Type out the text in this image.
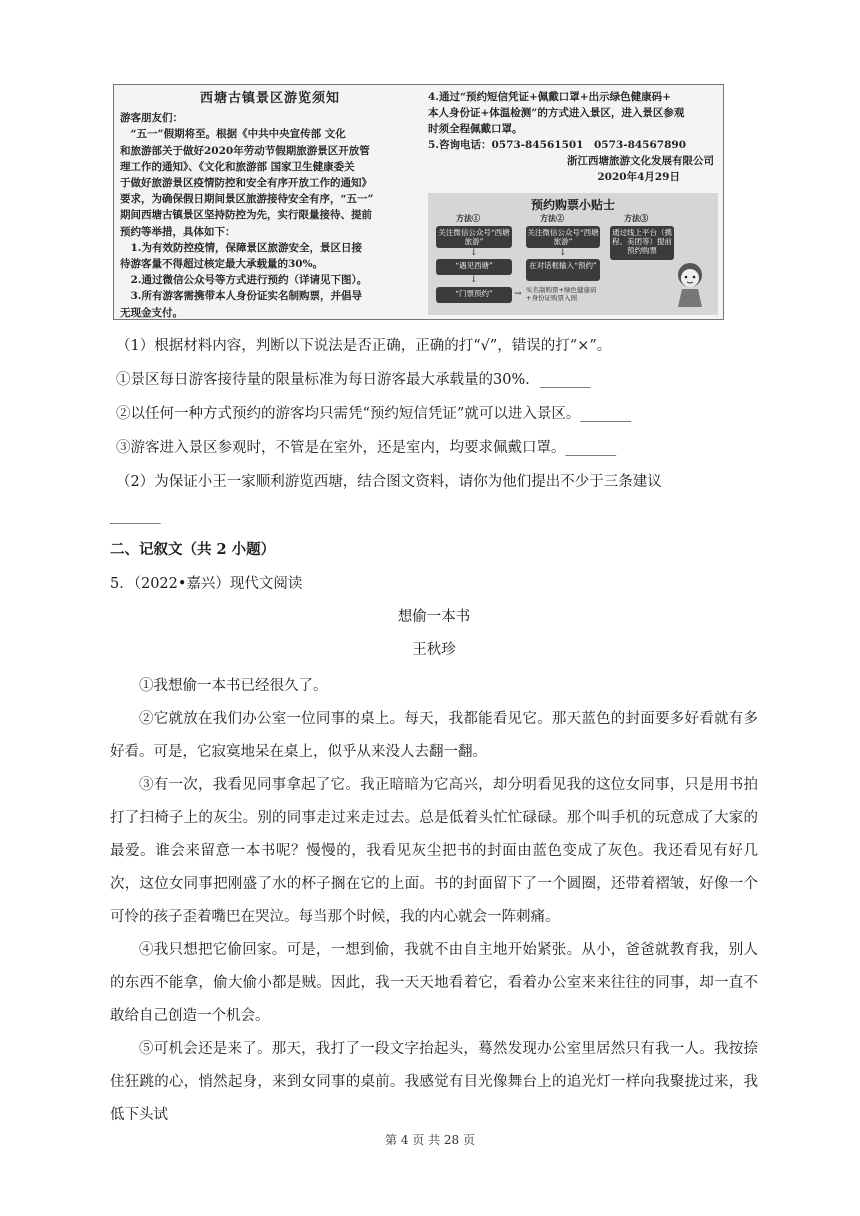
西塘古镇景区游览须知
游客朋友们：
　“五一”假期将至。根据《中共中央宣传部 文化
和旅游部关于做好2020年劳动节假期旅游景区开放管
理工作的通知》、《文化和旅游部 国家卫生健康委关
于做好旅游景区疫情防控和安全有序开放工作的通知》
要求，为确保假日期间景区旅游接待安全有序，“五一”
期间西塘古镇景区坚持防控为先，实行限量接待、提前
预约等举措，具体如下：
　1.为有效防控疫情，保障景区旅游安全，景区日接
待游客量不得超过核定最大承载量的30%。
　2.通过微信公众号等方式进行预约（详请见下图）。
　3.所有游客需携带本人身份证实名制购票，并倡导
无现金支付。
4.通过“预约短信凭证+佩戴口罩+出示绿色健康码+
本人身份证+体温检测”的方式进入景区，进入景区参观
时须全程佩戴口罩。
5.咨询电话：0573-84561501　0573-84567890
浙江西塘旅游文化发展有限公司
2020年4月29日
预约购票小贴士
方法①	方法②	方法③
关注微信公众号“西塘旅游”
↓
“遇见西塘”
↓
“门票预约”	→
关注微信公众号“西塘旅游”
↓
在对话框输入“预约”
实名制购票+绿色健康码+身份证购票入园
通过线上平台（携程、美团等）提前预约购票
（1）根据材料内容，判断以下说法是否正确，正确的打“√”，错误的打“×”。
①景区每日游客接待量的限量标准为每日游客最大承载量的30%．_______
②以任何一种方式预约的游客均只需凭“预约短信凭证”就可以进入景区。_______
③游客进入景区参观时，不管是在室外，还是室内，均要求佩戴口罩。_______
（2）为保证小王一家顺利游览西塘，结合图文资料，请你为他们提出不少于三条建议
_______
二、记叙文（共 2 小题）
5．（2022•嘉兴）现代文阅读
想偷一本书
王秋珍
①我想偷一本书已经很久了。
②它就放在我们办公室一位同事的桌上。每天，我都能看见它。那天蓝色的封面要多好看就有多好看。可是，它寂寞地呆在桌上，似乎从来没人去翻一翻。
③有一次，我看见同事拿起了它。我正暗暗为它高兴，却分明看见我的这位女同事，只是用书拍打了扫椅子上的灰尘。别的同事走过来走过去。总是低着头忙忙碌碌。那个叫手机的玩意成了大家的最爱。谁会来留意一本书呢？慢慢的，我看见灰尘把书的封面由蓝色变成了灰色。我还看见有好几次，这位女同事把刚盛了水的杯子搁在它的上面。书的封面留下了一个圆圈，还带着褶皱，好像一个可怜的孩子歪着嘴巴在哭泣。每当那个时候，我的内心就会一阵刺痛。
④我只想把它偷回家。可是，一想到偷，我就不由自主地开始紧张。从小，爸爸就教育我，别人的东西不能拿，偷大偷小都是贼。因此，我一天天地看着它，看着办公室来来往往的同事，却一直不敢给自己创造一个机会。
⑤可机会还是来了。那天，我打了一段文字抬起头，蓦然发现办公室里居然只有我一人。我按捺住狂跳的心，悄然起身，来到女同事的桌前。我感觉有目光像舞台上的追光灯一样向我聚拢过来，我低下头试
第 4 页 共 28 页
